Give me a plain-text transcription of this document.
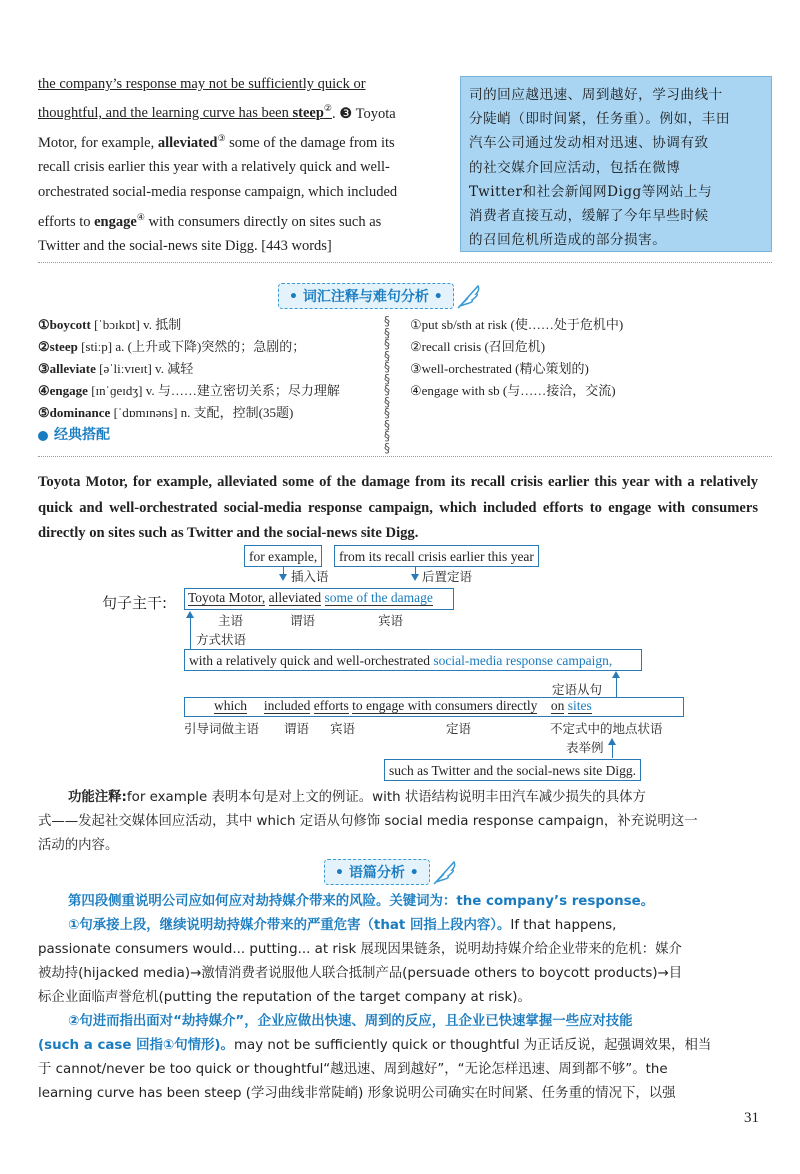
the company’s response may not be sufficiently quick or
thoughtful, and the learning curve has been steep②. ❸ Toyota
Motor, for example, alleviated③ some of the damage from its
recall crisis earlier this year with a relatively quick and well-
orchestrated social-media response campaign, which included
efforts to engage④ with consumers directly on sites such as
Twitter and the social-news site Digg. [443 words]
司的回应越迅速、周到越好，学习曲线十
分陡峭（即时间紧，任务重）。例如，丰田
汽车公司通过发动相对迅速、协调有致
的社交媒介回应活动，包括在微博
Twitter和社会新闻网Digg等网站上与
消费者直接互动，缓解了今年早些时候
的召回危机所造成的部分损害。
• 词汇注释与难句分析 •
①boycott [ˈbɔɪkɒt] v. 抵制
②steep [stiːp] a. (上升或下降)突然的；急剧的；
③alleviate [əˈliːvɪeɪt] v. 减轻
④engage [ɪnˈɡeɪdʒ] v. 与……建立密切关系；尽力理解
⑤dominance [ˈdɒmɪnəns] n. 支配，控制(35题)
经典搭配
§
§
§
§
§
§
§
§
§
§
§
§
①put sb/sth at risk (使……处于危机中)
②recall crisis (召回危机)
③well-orchestrated (精心策划的)
④engage with sb (与……接洽，交流)
Toyota Motor, for example, alleviated some of the damage from its recall crisis earlier this year with a relatively quick and well-orchestrated social-media response campaign, which included efforts to engage with consumers directly on sites such as Twitter and the social-news site Digg.
for example,	from its recall crisis earlier this year
插入语	后置定语
句子主干: Toyota Motor, alleviated some of the damage
主语	谓语	宾语
方式状语
with a relatively quick and well-orchestrated social-media response campaign,
定语从句
which included efforts to engage with consumers directly on sites
引导词做主语 谓语 宾语	定语	不定式中的地点状语
表举例
such as Twitter and the social-news site Digg.
功能注释:for example 表明本句是对上文的例证。with 状语结构说明丰田汽车减少损失的具体方
式——发起社交媒体回应活动，其中 which 定语从句修饰 social media response campaign，补充说明这一
活动的内容。
• 语篇分析 •
第四段侧重说明公司应如何应对劫持媒介带来的风险。关键词为：the company’s response。
①句承接上段，继续说明劫持媒介带来的严重危害（that 回指上段内容）。If that happens,
passionate consumers would... putting... at risk 展现因果链条，说明劫持媒介给企业带来的危机：媒介
被劫持(hijacked media)→激情消费者说服他人联合抵制产品(persuade others to boycott products)→目
标企业面临声誉危机(putting the reputation of the target company at risk)。
②句进而指出面对“劫持媒介”，企业应做出快速、周到的反应，且企业已快速掌握一些应对技能
(such a case 回指①句情形)。may not be sufficiently quick or thoughtful 为正话反说，起强调效果，相当
于 cannot/never be too quick or thoughtful“越迅速、周到越好”，“无论怎样迅速、周到都不够”。the
learning curve has been steep (学习曲线非常陡峭) 形象说明公司确实在时间紧、任务重的情况下，以强
31
